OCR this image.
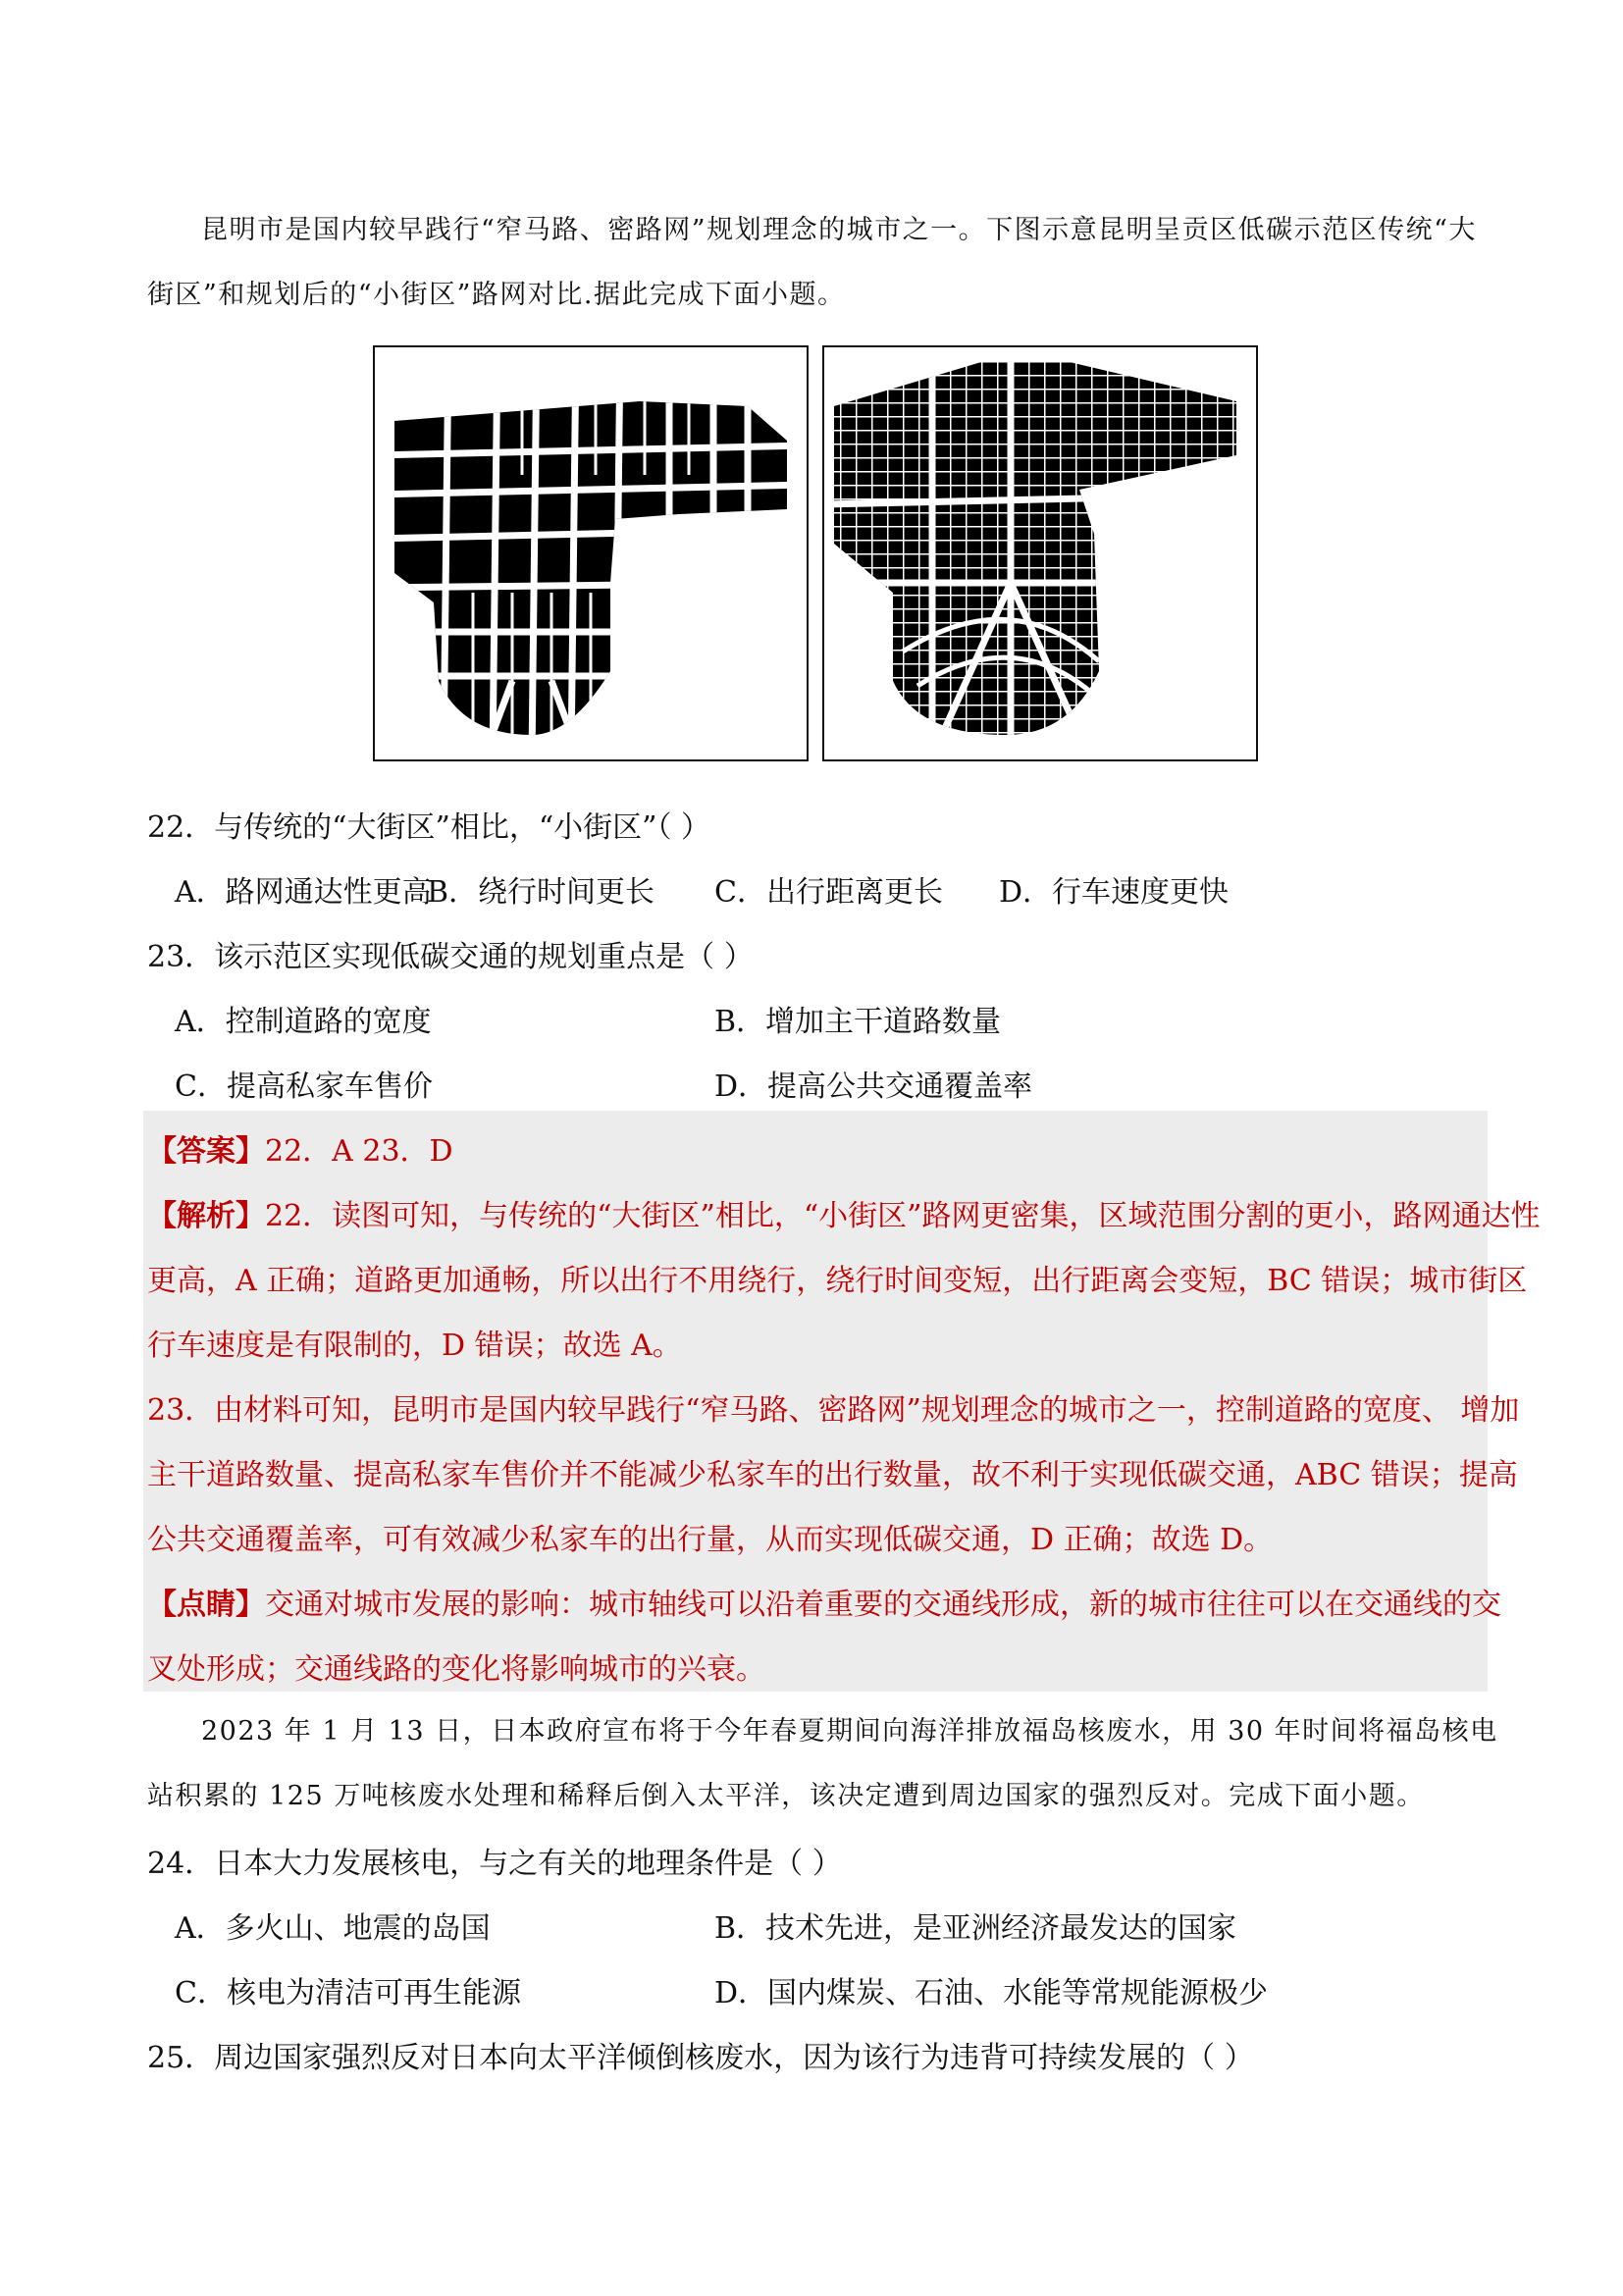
昆明市是国内较早践行“窄马路、密路网”规划理念的城市之一。下图示意昆明呈贡区低碳示范区传统“大
街区”和规划后的“小街区”路网对比.据此完成下面小题。
22．与传统的“大街区”相比，“小街区”（ ）
A．路网通达性更高
B．绕行时间更长 C．出行距离更长 D．行车速度更快
23．该示范区实现低碳交通的规划重点是（ ）
A．控制道路的宽度	B．增加主干道路数量
C．提高私家车售价	D．提高公共交通覆盖率
【答案】22．A 23．D
【解析】22．读图可知，与传统的“大街区”相比，“小街区”路网更密集，区域范围分割的更小，路网通达性
更高，A 正确；道路更加通畅，所以出行不用绕行，绕行时间变短，出行距离会变短，BC 错误；城市街区
行车速度是有限制的，D 错误；故选 A。
23．由材料可知，昆明市是国内较早践行“窄马路、密路网”规划理念的城市之一，控制道路的宽度、 增加
主干道路数量、提高私家车售价并不能减少私家车的出行数量，故不利于实现低碳交通，ABC 错误；提高
公共交通覆盖率，可有效减少私家车的出行量，从而实现低碳交通，D 正确；故选 D。
【点睛】交通对城市发展的影响：城市轴线可以沿着重要的交通线形成，新的城市往往可以在交通线的交
叉处形成；交通线路的变化将影响城市的兴衰。
2023 年 1 月 13 日，日本政府宣布将于今年春夏期间向海洋排放福岛核废水，用 30 年时间将福岛核电
站积累的 125 万吨核废水处理和稀释后倒入太平洋，该决定遭到周边国家的强烈反对。完成下面小题。
24．日本大力发展核电，与之有关的地理条件是（ ）
A．多火山、地震的岛国	B．技术先进，是亚洲经济最发达的国家
C．核电为清洁可再生能源	D．国内煤炭、石油、水能等常规能源极少
25．周边国家强烈反对日本向太平洋倾倒核废水，因为该行为违背可持续发展的（ ）
